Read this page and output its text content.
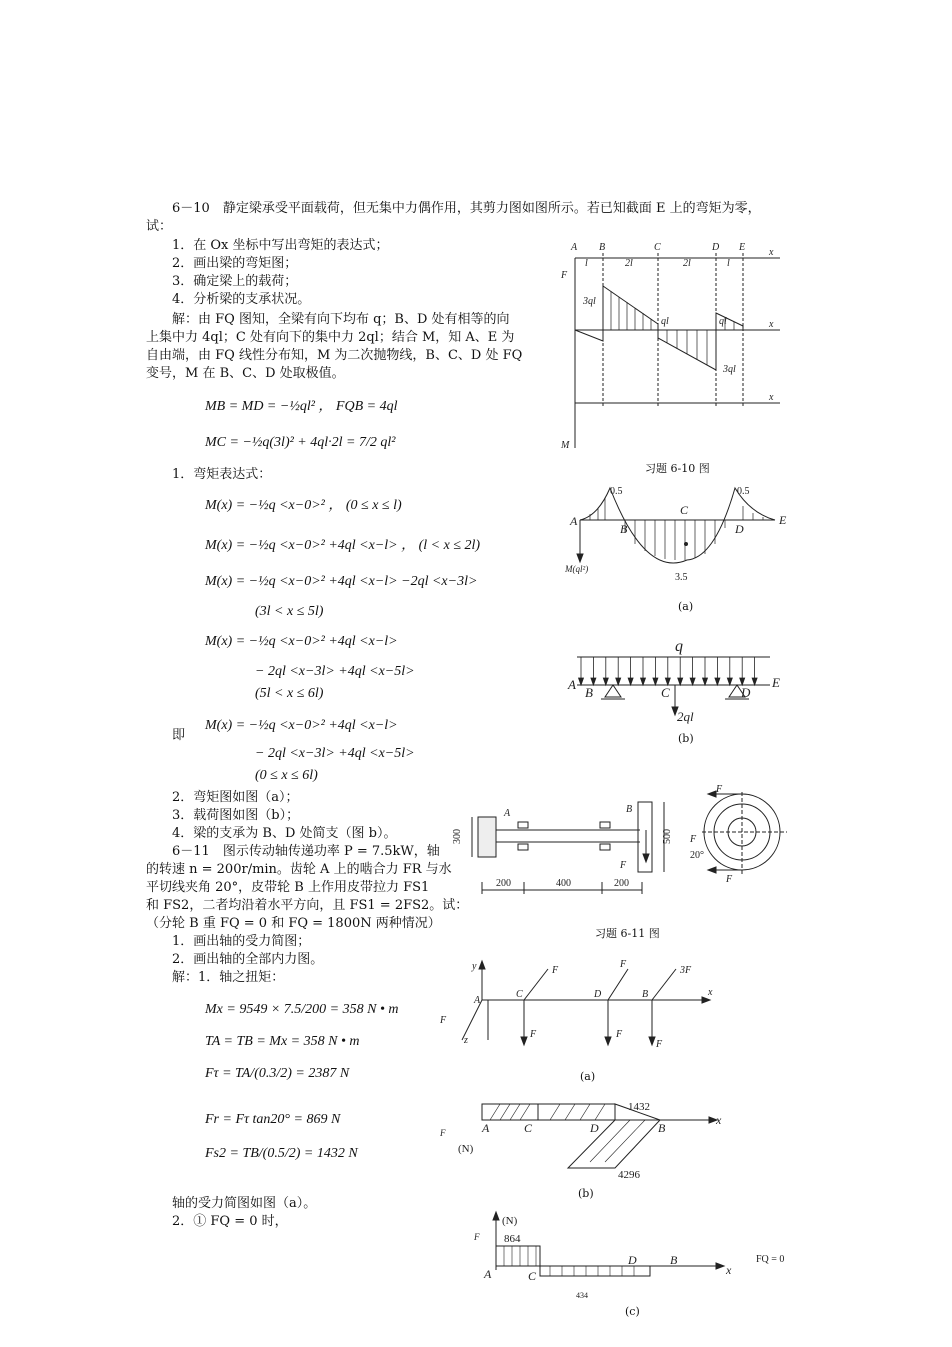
6－10　静定梁承受平面载荷，但无集中力偶作用，其剪力图如图所示。若已知截面 E 上的弯矩为零，
试：
1．在 Ox 坐标中写出弯矩的表达式；
2．画出梁的弯矩图；
3．确定梁上的载荷；
4．分析梁的支承状况。
解：由 FQ 图知，全梁有向下均布 q；B、D 处有相等的向
上集中力 4ql；C 处有向下的集中力 2ql；结合 M，知 A、E 为
自由端，由 FQ 线性分布知，M 为二次抛物线，B、C、D 处 FQ
变号，M 在 B、C、D 处取极值。
MB = MD = −½ql² ， FQB = 4ql
MC = −½q(3l)² + 4ql·2l = 7/2 ql²
1．弯矩表达式：
M(x) = −½q <x−0>² ， (0 ≤ x ≤ l)
M(x) = −½q <x−0>² +4ql <x−l> ， (l < x ≤ 2l)
M(x) = −½q <x−0>² +4ql <x−l> −2ql <x−3l>
(3l < x ≤ 5l)
M(x) = −½q <x−0>² +4ql <x−l>
− 2ql <x−3l> +4ql <x−5l>
(5l < x ≤ 6l)
即
M(x) = −½q <x−0>² +4ql <x−l>
− 2ql <x−3l> +4ql <x−5l>
(0 ≤ x ≤ 6l)
2．弯矩图如图（a）；
3．载荷图如图（b）；
4．梁的支承为 B、D 处简支（图 b）。
6－11　图示传动轴传递功率 P = 7.5kW，轴
的转速 n = 200r/min。齿轮 A 上的啮合力 FR 与水
平切线夹角 20°，皮带轮 B 上作用皮带拉力 FS1
和 FS2，二者均沿着水平方向，且 FS1 = 2FS2。试：
（分轮 B 重 FQ = 0 和 FQ = 1800N 两种情况）
1．画出轴的受力简图；
2．画出轴的全部内力图。
解：1．轴之扭矩：
Mx = 9549 × 7.5/200 = 358 N • m
TA = TB = Mx = 358 N • m
Fτ = TA/(0.3/2) = 2387 N
Fr = Fτ tan20° = 869 N
Fs2 = TB/(0.5/2) = 1432 N
轴的受力简图如图（a）。
2．① FQ = 0 时，
A B	C	D E
l	2l	2l	l
x
x
x
F
M
3ql
ql	ql
3ql
习题 6-10 图
A
B
C
D
E
M(ql²)
0.5	0.5
3.5
(a)
q
A
B	C	D
E
2ql
(b)
A	B
F
F
F
F
300	500
200	400	200
20°
习题 6-11 图
y
A
C	D	B	x
F
z
F
F
3F
F	F
F
(a)
A	C	D	B
x
F
1432
4296
(N)
(b)
A	C
D	B
x
F
(N)
864
434
FQ = 0
(c)
